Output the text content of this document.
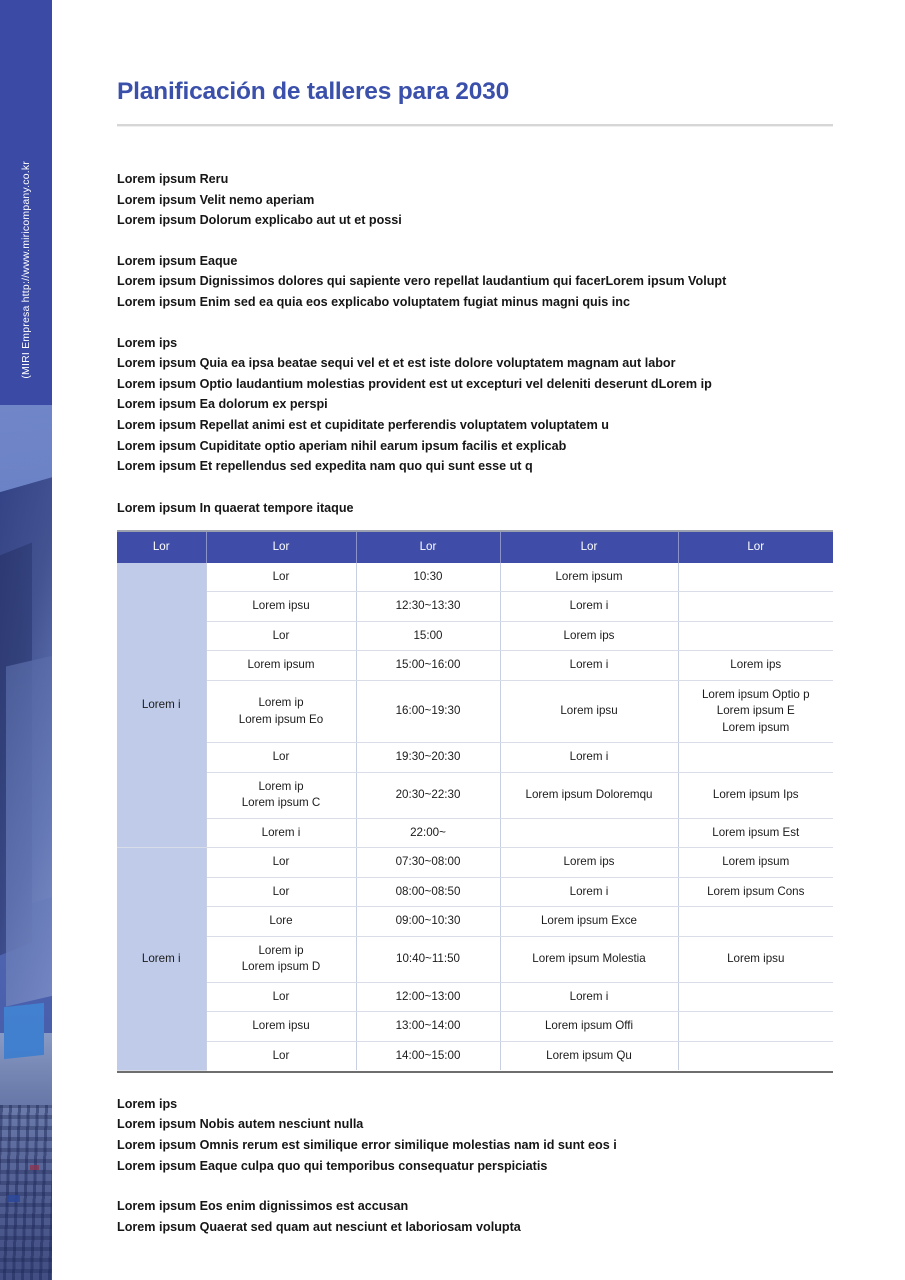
(MIRI Empresa http://www.miricompany.co.kr
Planificación de talleres para 2030
Lorem ipsum Reru
Lorem ipsum Velit nemo aperiam
Lorem ipsum Dolorum explicabo aut ut et possi
Lorem ipsum Eaque
Lorem ipsum Dignissimos dolores qui sapiente vero repellat laudantium qui facerLorem ipsum Volupt
Lorem ipsum Enim sed ea quia eos explicabo voluptatem fugiat minus magni quis inc
Lorem ips
Lorem ipsum Quia ea ipsa beatae sequi vel et et est iste dolore voluptatem magnam aut labor
Lorem ipsum Optio laudantium molestias provident est ut excepturi vel deleniti deserunt dLorem ip
Lorem ipsum Ea dolorum ex perspi
Lorem ipsum Repellat animi est et cupiditate perferendis voluptatem voluptatem u
Lorem ipsum Cupiditate optio aperiam nihil earum ipsum facilis et explicab
Lorem ipsum Et repellendus sed expedita nam quo qui sunt esse ut q
Lorem ipsum In quaerat tempore itaque
Lor	Lor	Lor	Lor	Lor
Lorem i	Lor	10:30	Lorem ipsum	
	Lorem ipsu	12:30~13:30	Lorem i	
	Lor	15:00	Lorem ips	
	Lorem ipsum	15:00~16:00	Lorem i	Lorem ips
	Lorem ip
Lorem ipsum Eo	16:00~19:30	Lorem ipsu	Lorem ipsum Optio p
Lorem ipsum E
Lorem ipsum
	Lor	19:30~20:30	Lorem i	
	Lorem ip
Lorem ipsum C	20:30~22:30	Lorem ipsum Doloremqu	Lorem ipsum Ips
	Lorem i	22:00~		Lorem ipsum Est
Lorem i	Lor	07:30~08:00	Lorem ips	Lorem ipsum
	Lor	08:00~08:50	Lorem i	Lorem ipsum Cons
	Lore	09:00~10:30	Lorem ipsum Exce	
	Lorem ip
Lorem ipsum D	10:40~11:50	Lorem ipsum Molestia	Lorem ipsu
	Lor	12:00~13:00	Lorem i	
	Lorem ipsu	13:00~14:00	Lorem ipsum Offi	
	Lor	14:00~15:00	Lorem ipsum Qu	
Lorem ips
Lorem ipsum Nobis autem nesciunt nulla
Lorem ipsum Omnis rerum est similique error similique molestias nam id sunt eos i
Lorem ipsum Eaque culpa quo qui temporibus consequatur perspiciatis
Lorem ipsum Eos enim dignissimos est accusan
Lorem ipsum Quaerat sed quam aut nesciunt et laboriosam volupta
